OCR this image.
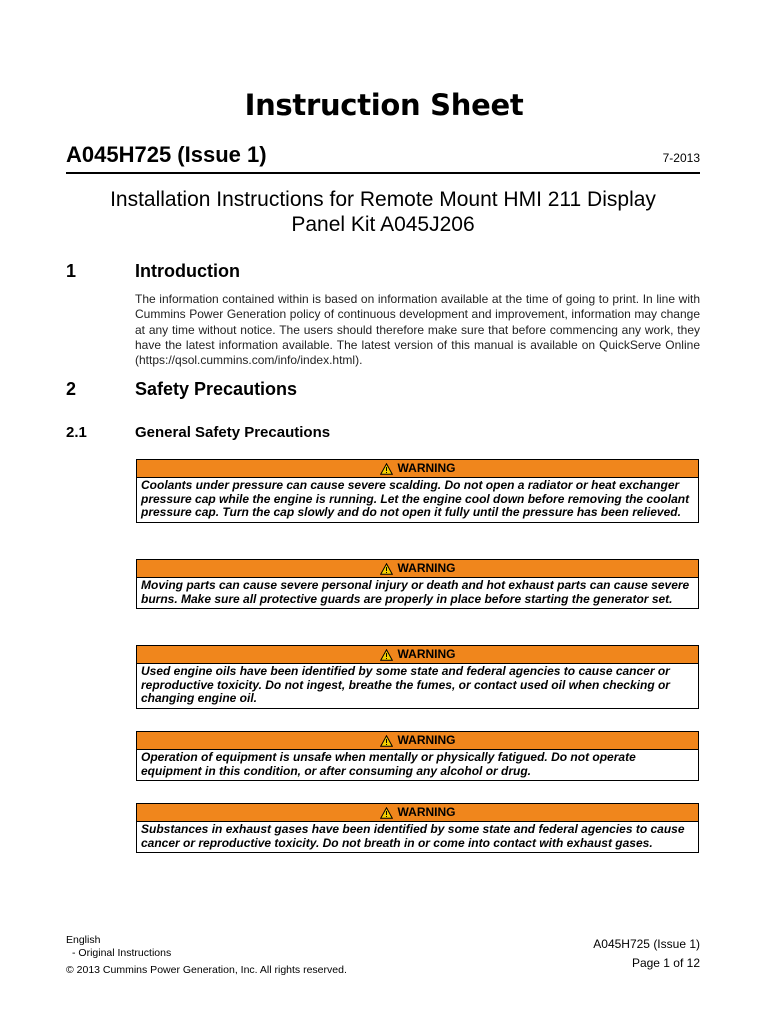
Instruction Sheet
A045H725 (Issue 1)	7-2013
Installation Instructions for Remote Mount HMI 211 Display
Panel Kit A045J206
1	Introduction
The information contained within is based on information available at the time of going to print. In line with Cummins Power Generation policy of continuous development and improvement, information may change at any time without notice. The users should therefore make sure that before commencing any work, they have the latest information available. The latest version of this manual is available on QuickServe Online (https://qsol.cummins.com/info/index.html).
2	Safety Precautions
2.1	General Safety Precautions
WARNING
Coolants under pressure can cause severe scalding. Do not open a radiator or heat exchanger pressure cap while the engine is running. Let the engine cool down before removing the coolant pressure cap. Turn the cap slowly and do not open it fully until the pressure has been relieved.
WARNING
Moving parts can cause severe personal injury or death and hot exhaust parts can cause severe burns. Make sure all protective guards are properly in place before starting the generator set.
WARNING
Used engine oils have been identified by some state and federal agencies to cause cancer or reproductive toxicity. Do not ingest, breathe the fumes, or contact used oil when checking or changing engine oil.
WARNING
Operation of equipment is unsafe when mentally or physically fatigued. Do not operate equipment in this condition, or after consuming any alcohol or drug.
WARNING
Substances in exhaust gases have been identified by some state and federal agencies to cause cancer or reproductive toxicity. Do not breath in or come into contact with exhaust gases.
English
- Original Instructions
© 2013 Cummins Power Generation, Inc. All rights reserved.
A045H725 (Issue 1)
Page 1 of 12
